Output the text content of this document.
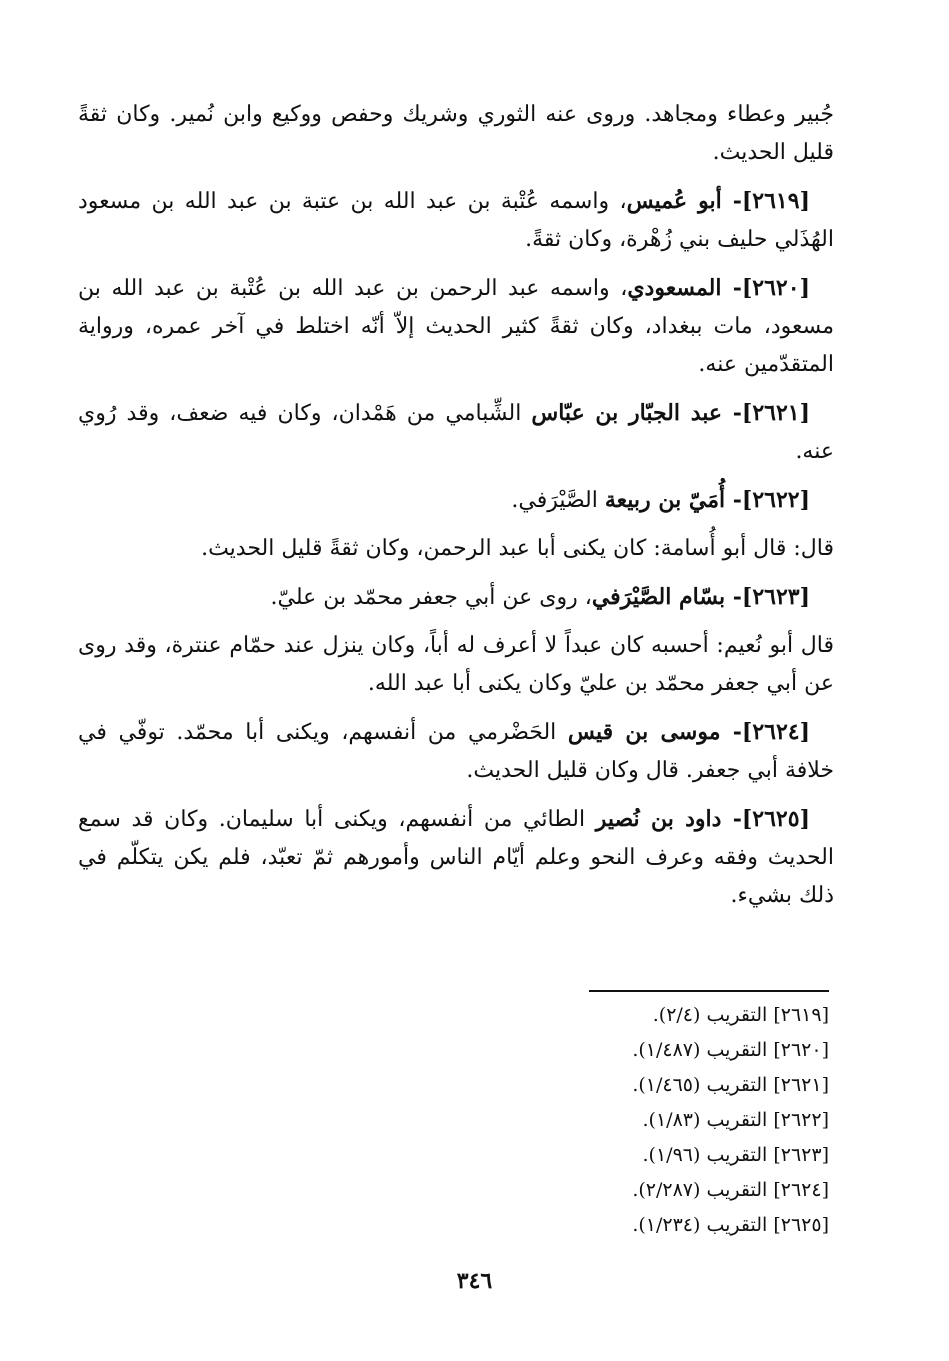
جُبير وعطاء ومجاهد. وروى عنه الثوري وشريك وحفص ووكيع وابن نُمير. وكان ثقةً قليل الحديث.

[٢٦١٩]- أبو عُميس، واسمه عُتْبة بن عبد الله بن عتبة بن عبد الله بن مسعود الهُذَلي حليف بني زُهْرة، وكان ثقةً.

[٢٦٢٠]- المسعودي، واسمه عبد الرحمن بن عبد الله بن عُتْبة بن عبد الله بن مسعود، مات ببغداد، وكان ثقةً كثير الحديث إلاّ أنّه اختلط في آخر عمره، ورواية المتقدّمين عنه.

[٢٦٢١]- عبد الجبّار بن عبّاس الشِّبامي من هَمْدان، وكان فيه ضعف، وقد رُوي عنه.

[٢٦٢٢]- أُمَيّ بن ربيعة الصَّيْرَفي.

قال: قال أبو أُسامة: كان يكنى أبا عبد الرحمن، وكان ثقةً قليل الحديث.

[٢٦٢٣]- بسّام الصَّيْرَفي، روى عن أبي جعفر محمّد بن عليّ.

قال أبو نُعيم: أحسبه كان عبداً لا أعرف له أباً، وكان ينزل عند حمّام عنترة، وقد روى عن أبي جعفر محمّد بن عليّ وكان يكنى أبا عبد الله.

[٢٦٢٤]- موسى بن قيس الحَضْرمي من أنفسهم، ويكنى أبا محمّد. توفّي في خلافة أبي جعفر. قال وكان قليل الحديث.

[٢٦٢٥]- داود بن نُصير الطائي من أنفسهم، ويكنى أبا سليمان. وكان قد سمع الحديث وفقه وعرف النحو وعلم أيّام الناس وأمورهم ثمّ تعبّد، فلم يكن يتكلّم في ذلك بشيء.

[٢٦١٩] التقريب (٢/٤).
[٢٦٢٠] التقريب (١/٤٨٧).
[٢٦٢١] التقريب (١/٤٦٥).
[٢٦٢٢] التقريب (١/٨٣).
[٢٦٢٣] التقريب (١/٩٦).
[٢٦٢٤] التقريب (٢/٢٨٧).
[٢٦٢٥] التقريب (١/٢٣٤).
٣٤٦
